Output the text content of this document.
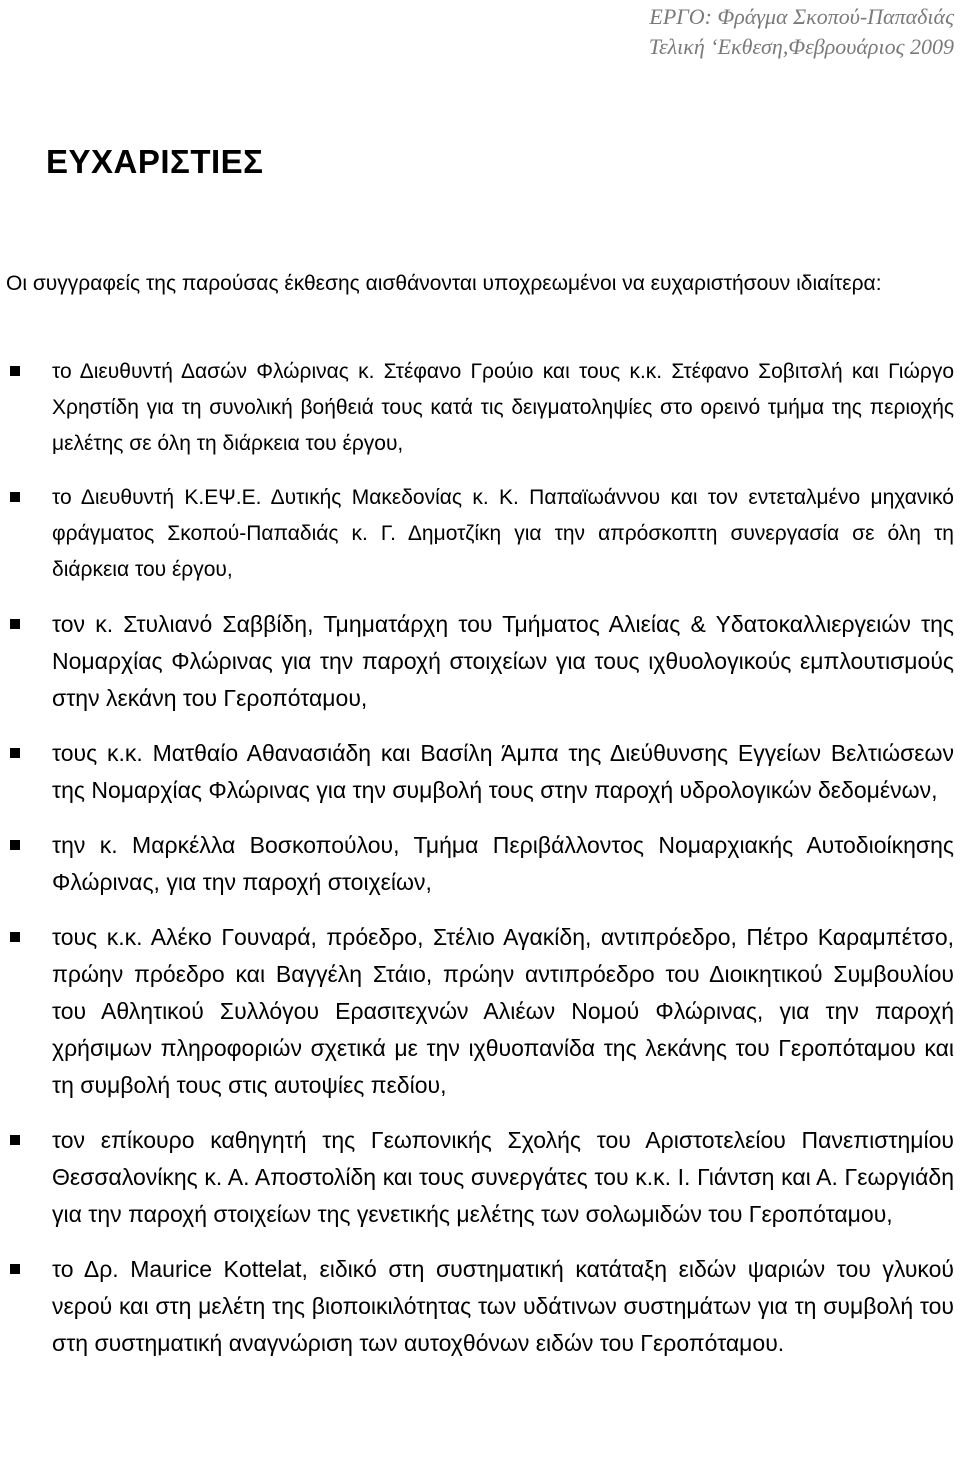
ΕΡΓΟ: Φράγμα Σκοπού-Παπαδιάς
Τελική ‘Εκθεση,Φεβρουάριος 2009
ΕΥΧΑΡΙΣΤΙΕΣ

Οι συγγραφείς της παρούσας έκθεσης αισθάνονται υποχρεωμένοι να ευχαριστήσουν ιδιαίτερα:

το Διευθυντή Δασών Φλώρινας κ. Στέφανο Γρούιο και τους κ.κ. Στέφανο Σοβιτσλή και Γιώργο Χρηστίδη για τη συνολική βοήθειά τους κατά τις δειγματοληψίες στο ορεινό τμήμα της περιοχής μελέτης σε όλη τη διάρκεια του έργου,
το Διευθυντή Κ.ΕΨ.Ε. Δυτικής Μακεδονίας κ. Κ. Παπαϊωάννου και τον εντεταλμένο μηχανικό φράγματος Σκοπού-Παπαδιάς κ. Γ. Δημοτζίκη για την απρόσκοπτη συνεργασία σε όλη τη διάρκεια του έργου,
τον κ. Στυλιανό Σαββίδη, Τμηματάρχη του Τμήματος Αλιείας & Υδατοκαλλιεργειών της Νομαρχίας Φλώρινας για την παροχή στοιχείων για τους ιχθυολογικούς εμπλουτισμούς στην λεκάνη του Γεροπόταμου,
τους κ.κ. Ματθαίο Αθανασιάδη και Βασίλη Άμπα της Διεύθυνσης Εγγείων Βελτιώσεων της Νομαρχίας Φλώρινας για την συμβολή τους στην παροχή υδρολογικών δεδομένων,
την κ. Μαρκέλλα Βοσκοπούλου, Τμήμα Περιβάλλοντος Νομαρχιακής Αυτοδιοίκησης Φλώρινας, για την παροχή στοιχείων,
τους κ.κ. Αλέκο Γουναρά, πρόεδρο, Στέλιο Αγακίδη, αντιπρόεδρο, Πέτρο Καραμπέτσο, πρώην πρόεδρο και Βαγγέλη Στάιο, πρώην αντιπρόεδρο του Διοικητικού Συμβουλίου του Αθλητικού Συλλόγου Ερασιτεχνών Αλιέων Νομού Φλώρινας, για την παροχή χρήσιμων πληροφοριών σχετικά με την ιχθυοπανίδα της λεκάνης του Γεροπόταμου και τη συμβολή τους στις αυτοψίες πεδίου,
τον επίκουρο καθηγητή της Γεωπονικής Σχολής του Αριστοτελείου Πανεπιστημίου Θεσσαλονίκης κ. Α. Αποστολίδη και τους συνεργάτες του κ.κ. Ι. Γιάντση και Α. Γεωργιάδη για την παροχή στοιχείων της γενετικής μελέτης των σολωμιδών του Γεροπόταμου,
το Δρ. Maurice Kottelat, ειδικό στη συστηματική κατάταξη ειδών ψαριών του γλυκού νερού και στη μελέτη της βιοποικιλότητας των υδάτινων συστημάτων για τη συμβολή του στη συστηματική αναγνώριση των αυτοχθόνων ειδών του Γεροπόταμου.
